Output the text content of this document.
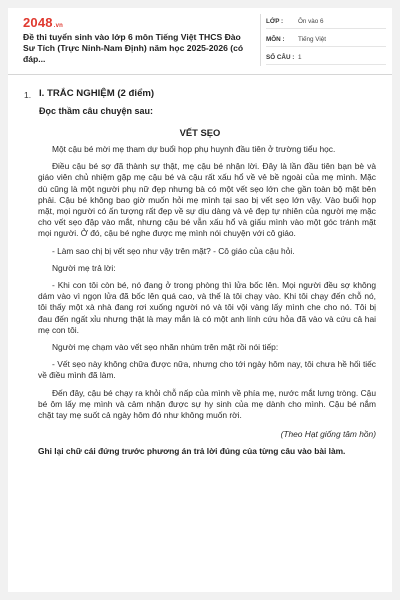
2048.vn
Đề thi tuyển sinh vào lớp 6 môn Tiếng Việt THCS Đào Sư Tích (Trực Ninh-Nam Định) năm học 2025-2026 (có đáp...
LỚP : Ôn vào 6
MÔN : Tiếng Việt
SỐ CÂU : 1
1. I. TRẮC NGHIỆM (2 điểm)
Đọc thầm câu chuyện sau:
VẾT SẸO

Một cậu bé mời mẹ tham dự buổi họp phụ huynh đầu tiên ở trường tiểu học.

Điều cậu bé sợ đã thành sự thật, mẹ cậu bé nhận lời. Đây là lần đầu tiên bạn bè và giáo viên chủ nhiệm gặp mẹ cậu bé và cậu rất xấu hổ về vẻ bề ngoài của mẹ mình. Mặc dù cũng là một người phụ nữ đẹp nhưng bà có một vết sẹo lớn che gần toàn bộ mặt bên phải. Cậu bé không bao giờ muốn hỏi mẹ mình tại sao bị vết sẹo lớn vậy. Vào buổi họp mặt, mọi người có ấn tượng rất đẹp về sự dịu dàng và vẻ đẹp tự nhiên của người mẹ mặc cho vết sẹo đập vào mắt, nhưng cậu bé vẫn xấu hổ và giấu mình vào một góc tránh mặt mọi người. Ở đó, cậu bé nghe được mẹ mình nói chuyện với cô giáo.

- Làm sao chị bị vết sẹo như vậy trên mặt? - Cô giáo của cậu hỏi.

Người mẹ trả lời:

- Khi con tôi còn bé, nó đang ở trong phòng thì lửa bốc lên. Mọi người đều sợ không dám vào vì ngọn lửa đã bốc lên quá cao, và thế là tôi chạy vào. Khi tôi chạy đến chỗ nó, tôi thấy một xà nhà đang rơi xuống người nó và tôi vội vàng lấy mình che cho nó. Tôi bị đau đến ngất xỉu nhưng thật là may mắn là có một anh lính cứu hỏa đã vào và cứu cả hai mẹ con tôi.

Người mẹ chạm vào vết sẹo nhăn nhúm trên mặt rồi nói tiếp:

- Vết sẹo này không chữa được nữa, nhưng cho tới ngày hôm nay, tôi chưa hề hối tiếc về điều mình đã làm.

Đến đây, cậu bé chạy ra khỏi chỗ nấp của mình về phía mẹ, nước mắt lưng tròng. Cậu bé ôm lấy mẹ mình và cảm nhận được sự hy sinh của mẹ dành cho mình. Cậu bé nắm chặt tay mẹ suốt cả ngày hôm đó như không muốn rời.

(Theo Hạt giống tâm hồn)

Ghi lại chữ cái đứng trước phương án trả lời đúng của từng câu vào bài làm.
